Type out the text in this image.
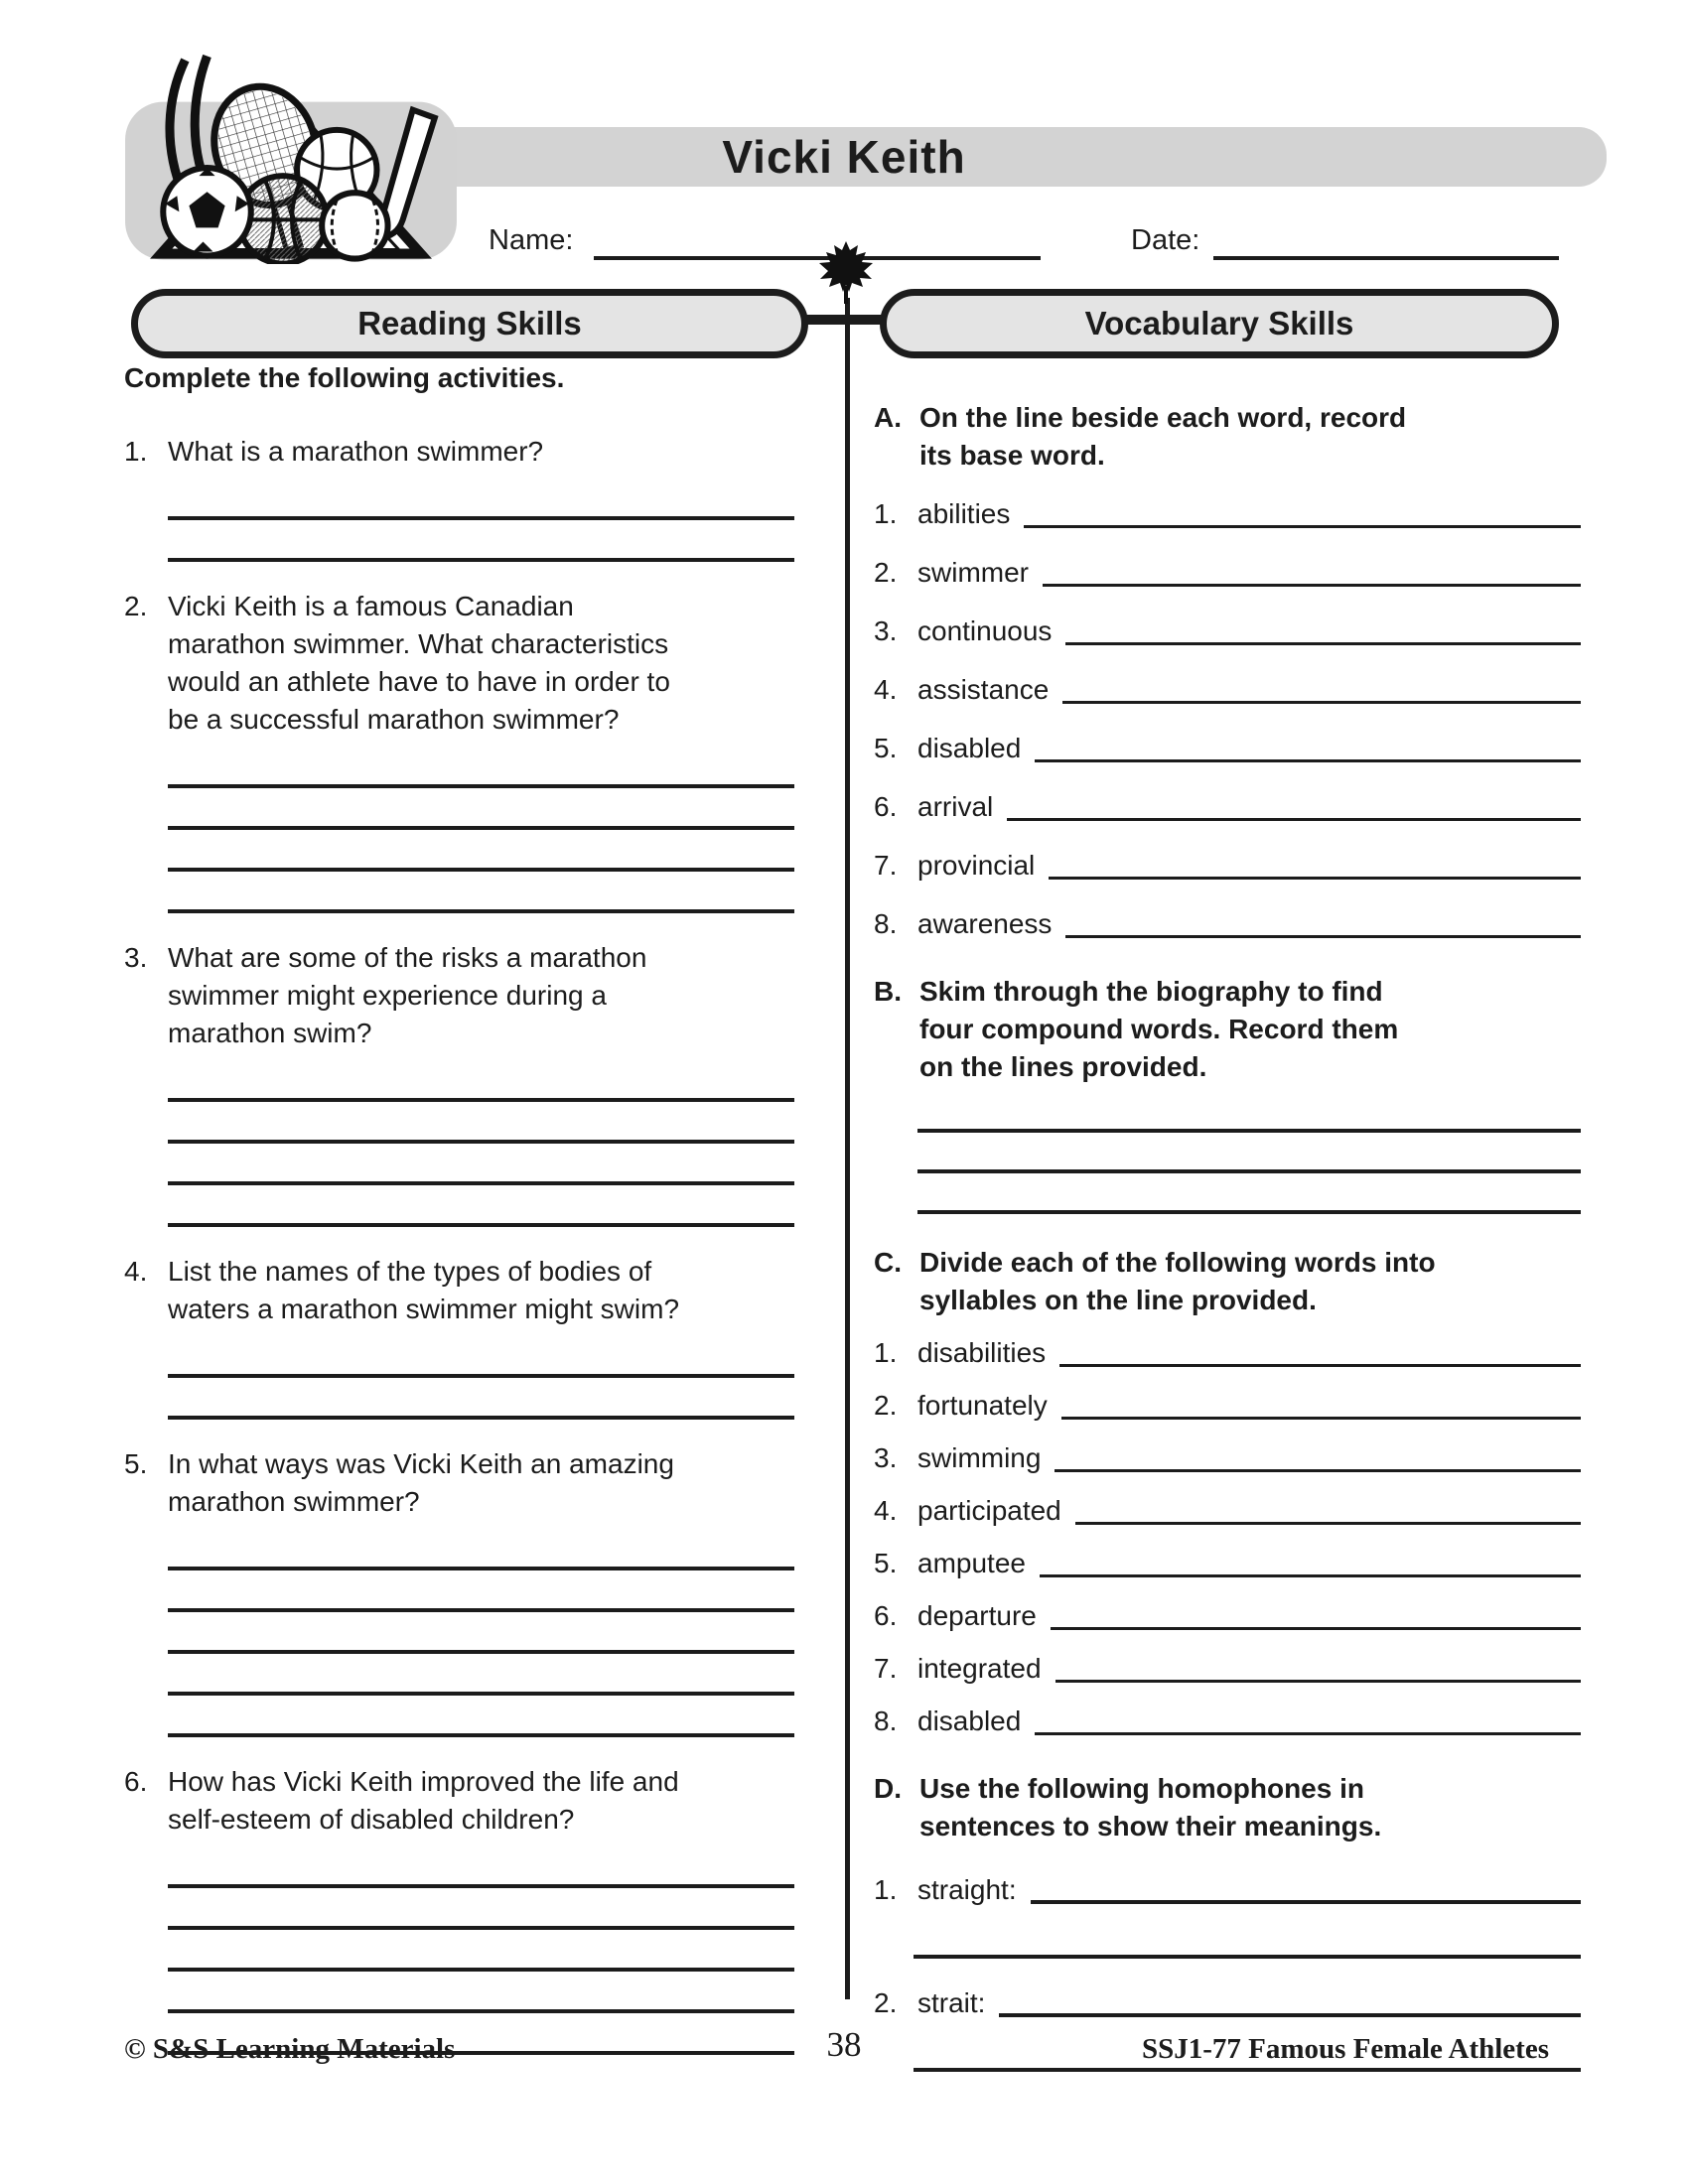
Vicki Keith
Name:	Date:
Reading Skills	Vocabulary Skills
Complete the following activities.
1. What is a marathon swimmer?
2. Vicki Keith is a famous Canadian marathon swimmer. What characteristics would an athlete have to have in order to be a successful marathon swimmer?
3. What are some of the risks a marathon swimmer might experience during a marathon swim?
4. List the names of the types of bodies of waters a marathon swimmer might swim?
5. In what ways was Vicki Keith an amazing marathon swimmer?
6. How has Vicki Keith improved the life and self-esteem of disabled children?
A. On the line beside each word, record its base word.
1. abilities
2. swimmer
3. continuous
4. assistance
5. disabled
6. arrival
7. provincial
8. awareness
B. Skim through the biography to find four compound words. Record them on the lines provided.
C. Divide each of the following words into syllables on the line provided.
1. disabilities
2. fortunately
3. swimming
4. participated
5. amputee
6. departure
7. integrated
8. disabled
D. Use the following homophones in sentences to show their meanings.
1. straight:
2. strait:
© S&S Learning Materials	38	SSJ1-77 Famous Female Athletes
